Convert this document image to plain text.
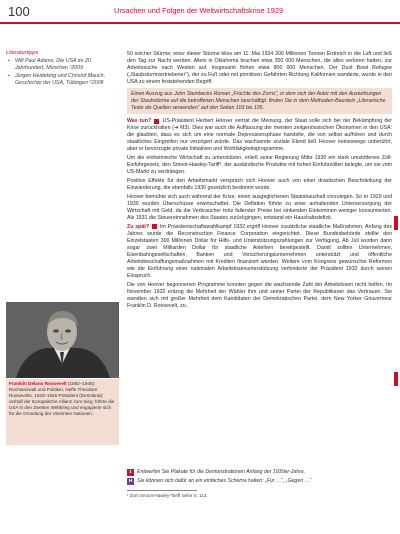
100	Ursachen und Folgen der Weltwirtschaftskrise 1929
Literaturtipps
▪ Will Paul Adams, Die USA im 20. Jahrhundert, München ²2009
▪ Jürgen Heideking und Christof Mauch, Geschichte der USA, Tübingen ⁶2008
Franklin Delano Roosevelt (1882–1945): Rechtsanwalt und Politiker, Neffe Theodore Roosevelts, 1933–1945 Präsident (Demokrat); verhalf der Europäische Allianz zum Sieg; führte die USA in den Zweiten Weltkrieg und engagierte sich für die Gründung der Vereinten Nationen.

50 solcher Stürme; einer dieser Stürme blies am 11. Mai 1934 300 Millionen Tonnen Erdreich in die Luft und ließ den Tag zur Nacht werden. Allein in Oklahoma brachen etwa 350 000 Menschen, die alles verloren hatten, zur Arbeitssuche nach Westen auf. Insgesamt flohen etwa 800 000 Menschen. Der Dust Bowl Refugee („Staubsturmvertriebener“), der zu Fuß oder mit primitiven Gefährten Richtung Kalifornien wanderte, wurde in den USA zu einem feststehenden Begriff.

Einen Auszug aus John Steinbecks Roman „Früchte des Zorns“, in dem sich der Autor mit den Auswirkungen der Staubstürme auf die betroffenen Menschen beschäftigt, finden Sie in dem Methoden-Baustein „Literarische Texte als Quellen verwenden“ auf den Seiten 103 bis 105.

Was tun? US-Präsident Herbert Hoover vertrat die Meinung, der Staat solle sich bei der Bekämpfung der Krise zurückhalten (➜ M3). Dies war auch die Auffassung der meisten zeitgenössischen Ökonomen in den USA: die glaubten, dass es sich um eine normale Depressionsphase handelte, die von selbst aufhören und durch staatliches Eingreifen nur verzögert würde. Das wachsende soziale Elend ließ Hoover keineswegs unberührt, aber er bevorzugte private Initiativen und Wohltätigkeitsprogramme.

Um die einheimische Wirtschaft zu unterstützen, erließ seine Regierung Mitte 1930 ein stark umstrittenes Zoll-Einfuhrgesetz, den Smoot-Hawley-Tariff¹, der ausländische Produkte mit hohen Einfuhrzöllen belegte, um sie vom US-Markt zu verdrängen.

Positive Effekte für den Arbeitsmarkt versprach sich Hoover auch von einer drastischen Beschränkung der Einwanderung, die ebenfalls 1930 gesetzlich bestimmt wurde.

Hoover bemühte sich auch während der Krise, einen ausgeglichenen Staatshaushalt vorzulegen. So er 1929 und 1930 wurden Überschüsse erwirtschaftet. Die Deflation führte zu einer anhaltenden Unterversorgung der Wirtschaft mit Geld, da die Verbraucher trotz fallender Preise bei sinkenden Einkommen weniger konsumierten. Als 1931 die Steuereinnahmen des Staates zurückgingen, entstand ein Haushaltsdefizit.

Zu spät? Im Präsidentschaftswahlkampf 1932 ergriff Hoover zusätzliche staatliche Maßnahmen. Anfang des Jahres wurde die Reconstruction Finance Corporation eingerichtet. Diese Bundesbehörde stellte den Einzelstaaten 300 Millionen Dollar für Hilfs- und Unterstützungszahlungen zur Verfügung. Ab Juli wurden dann sogar zwei Milliarden Dollar für staatliche Anleihen bereitgestellt. Damit sollten Unternehmen, Eisenbahngesellschaften, Banken und Versicherungsunternehmen unterstützt und öffentliche Arbeitsbeschaffungsmaßnahmen mit Krediten finanziert werden. Weitere vom Kongress gewünschte Reformen wie die Einführung einer nationalen Arbeitslosenunterstützung verhinderte der Präsident 1932 durch seinen Einspruch.

Die von Hoover begonnenen Programme konnten gegen die wachsende Zahl der Arbeitslosen nicht helfen. Im November 1932 entzog die Mehrheit der Wähler ihm und seiner Partei der Republikaner das Vertrauen. Sie wandten sich mit großer Mehrheit dem Kandidaten der Demokratischen Partei, dem New Yorker Gouverneur Franklin D. Roosevelt, zu.

1 Entwerfen Sie Plakate für die Demonstrationen Anfang der 1930er-Jahre.
H Sie können sich dafür an ein einfaches Schema halten: „Für …“, „Gegen …“
¹ Zum Smoot-Hawley-Tariff siehe S. 113.
